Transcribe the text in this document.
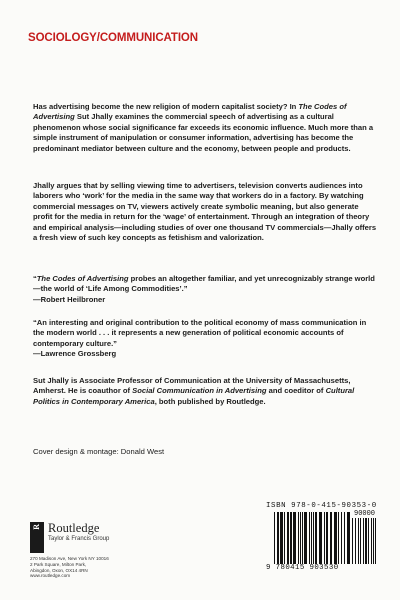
SOCIOLOGY/COMMUNICATION

Has advertising become the new religion of modern capitalist society? In The Codes of Advertising Sut Jhally examines the commercial speech of advertising as a cultural phenomenon whose social significance far exceeds its economic influence. Much more than a simple instrument of manipulation or consumer information, advertising has become the predominant mediator between culture and the economy, between people and products.

Jhally argues that by selling viewing time to advertisers, television converts audiences into laborers who ‘work’ for the media in the same way that workers do in a factory. By watching commercial messages on TV, viewers actively create symbolic meaning, but also generate profit for the media in return for the ‘wage’ of entertainment. Through an integration of theory and empirical analysis—including studies of over one thousand TV commercials—Jhally offers a fresh view of such key concepts as fetishism and valorization.

“The Codes of Advertising probes an altogether familiar, and yet unrecognizably strange world—the world of ‘Life Among Commodities’.”

—Robert Heilbroner

“An interesting and original contribution to the political economy of mass communication in the modern world . . . it represents a new generation of political economic accounts of contemporary culture.”

—Lawrence Grossberg

Sut Jhally is Associate Professor of Communication at the University of Massachusetts, Amherst. He is coauthor of Social Communication in Advertising and coeditor of Cultural Politics in Contemporary America, both published by Routledge.

Cover design & montage: Donald West
R Routledge
Taylor & Francis Group
270 Madison Ave, New York NY 10016
2 Park Square, Milton Park,
Abingdon, Oxon, OX14 4RN
www.routledge.com
ISBN 978-0-415-90353-0
90000
9 780415 903530
